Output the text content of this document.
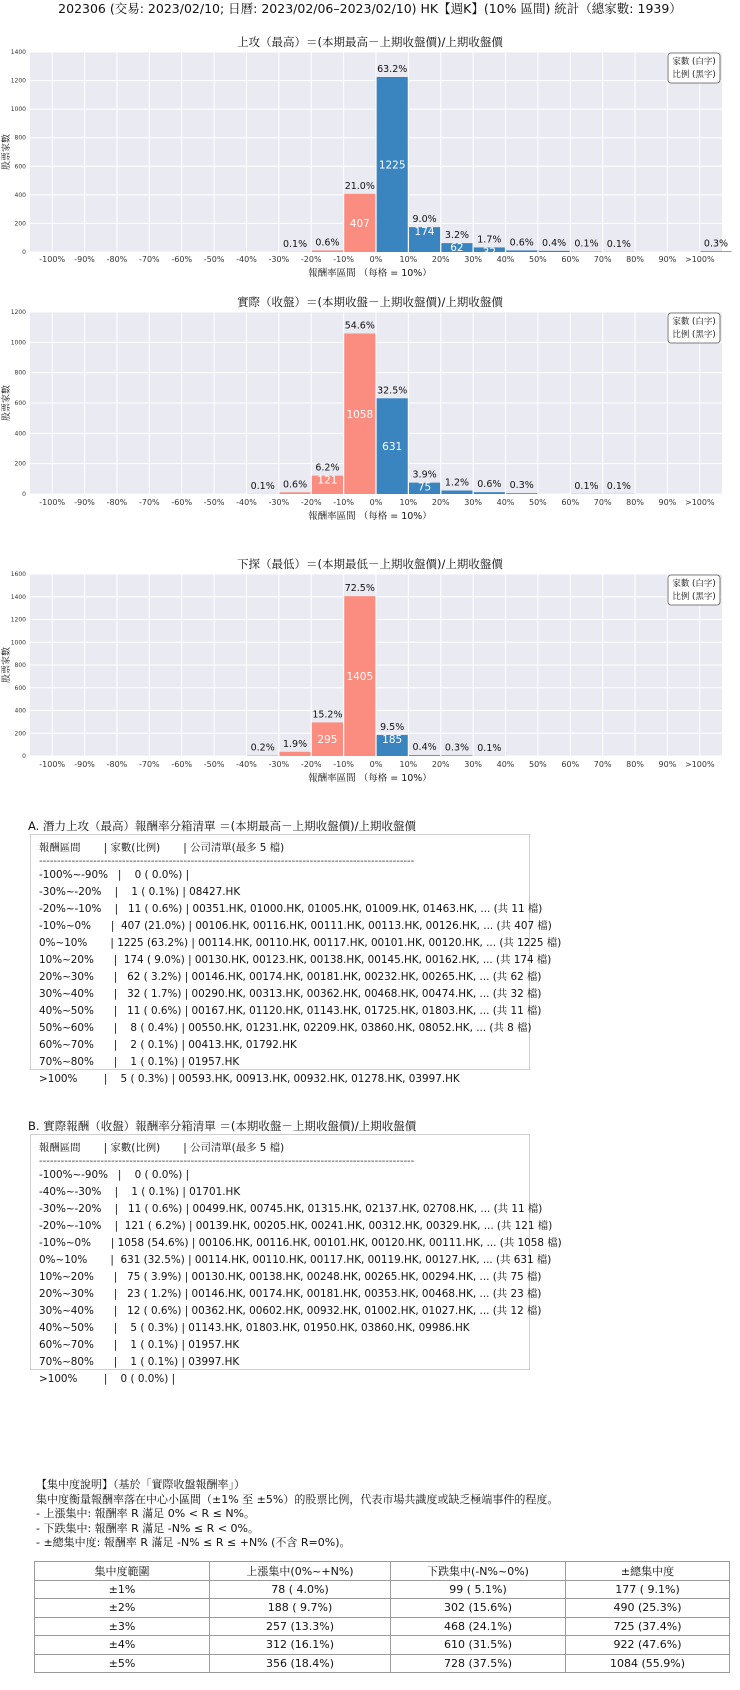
202306 (交易: 2023/02/10; 日曆: 2023/02/06–2023/02/10) HK【週K】(10% 區間) 統計（總家數: 1939）
0
200
400
600
800
1000
1200
1400
0.1% 0.6%
21.0%
407
63.2%
1225
9.0%
174 3.2%
62
1.7%
32
0.6% 0.4% 0.1% 0.1%	0.3%
-100% -90% -80% -70% -60% -50% -40% -30% -20% -10% 0% 10% 20% 30% 40% 50% 60% 70% 80% 90% >100%
上攻（最高）＝(本期最高－上期收盤價)/上期收盤價
報酬率區間 （每格 = 10%）
股票家數
家數 (白字)
比例 (黑字)
0
200
400
600
800
1000
1200
0.1% 0.6%
6.2%
121
54.6%
1058
32.5%
631
3.9%
75 1.2% 0.6% 0.3%	0.1% 0.1%
-100% -90% -80% -70% -60% -50% -40% -30% -20% -10% 0% 10% 20% 30% 40% 50% 60% 70% 80% 90% >100%
實際（收盤）＝(本期收盤－上期收盤價)/上期收盤價
報酬率區間 （每格 = 10%）
股票家數
家數 (白字)
比例 (黑字)
0
200
400
600
800
1000
1200
1400
1600
0.2% 1.9%
15.2%
295
72.5%
1405
9.5%
185
0.4% 0.3% 0.1%
-100% -90% -80% -70% -60% -50% -40% -30% -20% -10% 0% 10% 20% 30% 40% 50% 60% 70% 80% 90% >100%
下探（最低）＝(本期最低－上期收盤價)/上期收盤價
報酬率區間 （每格 = 10%）
股票家數
家數 (白字)
比例 (黑字)
A. 潛力上攻（最高）報酬率分箱清單 ＝(本期最高－上期收盤價)/上期收盤價
報酬區間       | 家數(比例)       | 公司清單(最多 5 檔)
--------------------------------------------------------------------------------------------------------
-100%~-90%   |    0 ( 0.0%) |
-30%~-20%    |    1 ( 0.1%) | 08427.HK
-20%~-10%    |   11 ( 0.6%) | 00351.HK, 01000.HK, 01005.HK, 01009.HK, 01463.HK, ... (共 11 檔)
-10%~0%      |  407 (21.0%) | 00106.HK, 00116.HK, 00111.HK, 00113.HK, 00126.HK, ... (共 407 檔)
0%~10%       | 1225 (63.2%) | 00114.HK, 00110.HK, 00117.HK, 00101.HK, 00120.HK, ... (共 1225 檔)
10%~20%      |  174 ( 9.0%) | 00130.HK, 00123.HK, 00138.HK, 00145.HK, 00162.HK, ... (共 174 檔)
20%~30%      |   62 ( 3.2%) | 00146.HK, 00174.HK, 00181.HK, 00232.HK, 00265.HK, ... (共 62 檔)
30%~40%      |   32 ( 1.7%) | 00290.HK, 00313.HK, 00362.HK, 00468.HK, 00474.HK, ... (共 32 檔)
40%~50%      |   11 ( 0.6%) | 00167.HK, 01120.HK, 01143.HK, 01725.HK, 01803.HK, ... (共 11 檔)
50%~60%      |    8 ( 0.4%) | 00550.HK, 01231.HK, 02209.HK, 03860.HK, 08052.HK, ... (共 8 檔)
60%~70%      |    2 ( 0.1%) | 00413.HK, 01792.HK
70%~80%      |    1 ( 0.1%) | 01957.HK
>100%        |    5 ( 0.3%) | 00593.HK, 00913.HK, 00932.HK, 01278.HK, 03997.HK
B. 實際報酬（收盤）報酬率分箱清單 ＝(本期收盤－上期收盤價)/上期收盤價
報酬區間       | 家數(比例)       | 公司清單(最多 5 檔)
--------------------------------------------------------------------------------------------------------
-100%~-90%   |    0 ( 0.0%) |
-40%~-30%    |    1 ( 0.1%) | 01701.HK
-30%~-20%    |   11 ( 0.6%) | 00499.HK, 00745.HK, 01315.HK, 02137.HK, 02708.HK, ... (共 11 檔)
-20%~-10%    |  121 ( 6.2%) | 00139.HK, 00205.HK, 00241.HK, 00312.HK, 00329.HK, ... (共 121 檔)
-10%~0%      | 1058 (54.6%) | 00106.HK, 00116.HK, 00101.HK, 00120.HK, 00111.HK, ... (共 1058 檔)
0%~10%       |  631 (32.5%) | 00114.HK, 00110.HK, 00117.HK, 00119.HK, 00127.HK, ... (共 631 檔)
10%~20%      |   75 ( 3.9%) | 00130.HK, 00138.HK, 00248.HK, 00265.HK, 00294.HK, ... (共 75 檔)
20%~30%      |   23 ( 1.2%) | 00146.HK, 00174.HK, 00181.HK, 00353.HK, 00468.HK, ... (共 23 檔)
30%~40%      |   12 ( 0.6%) | 00362.HK, 00602.HK, 00932.HK, 01002.HK, 01027.HK, ... (共 12 檔)
40%~50%      |    5 ( 0.3%) | 01143.HK, 01803.HK, 01950.HK, 03860.HK, 09986.HK
60%~70%      |    1 ( 0.1%) | 01957.HK
70%~80%      |    1 ( 0.1%) | 03997.HK
>100%        |    0 ( 0.0%) |
【集中度說明】（基於「實際收盤報酬率」）
集中度衡量報酬率落在中心小區間（±1% 至 ±5%）的股票比例，代表市場共識度或缺乏極端事件的程度。
- 上漲集中: 報酬率 R 滿足 0% < R ≤ N%。
- 下跌集中: 報酬率 R 滿足 -N% ≤ R < 0%。
- ±總集中度: 報酬率 R 滿足 -N% ≤ R ≤ +N% (不含 R=0%)。
集中度範圍	上漲集中(0%~+N%)	下跌集中(-N%~0%)	±總集中度
±1%	78 ( 4.0%)	99 ( 5.1%)	177 ( 9.1%)
±2%	188 ( 9.7%)	302 (15.6%)	490 (25.3%)
±3%	257 (13.3%)	468 (24.1%)	725 (37.4%)
±4%	312 (16.1%)	610 (31.5%)	922 (47.6%)
±5%	356 (18.4%)	728 (37.5%)	1084 (55.9%)
